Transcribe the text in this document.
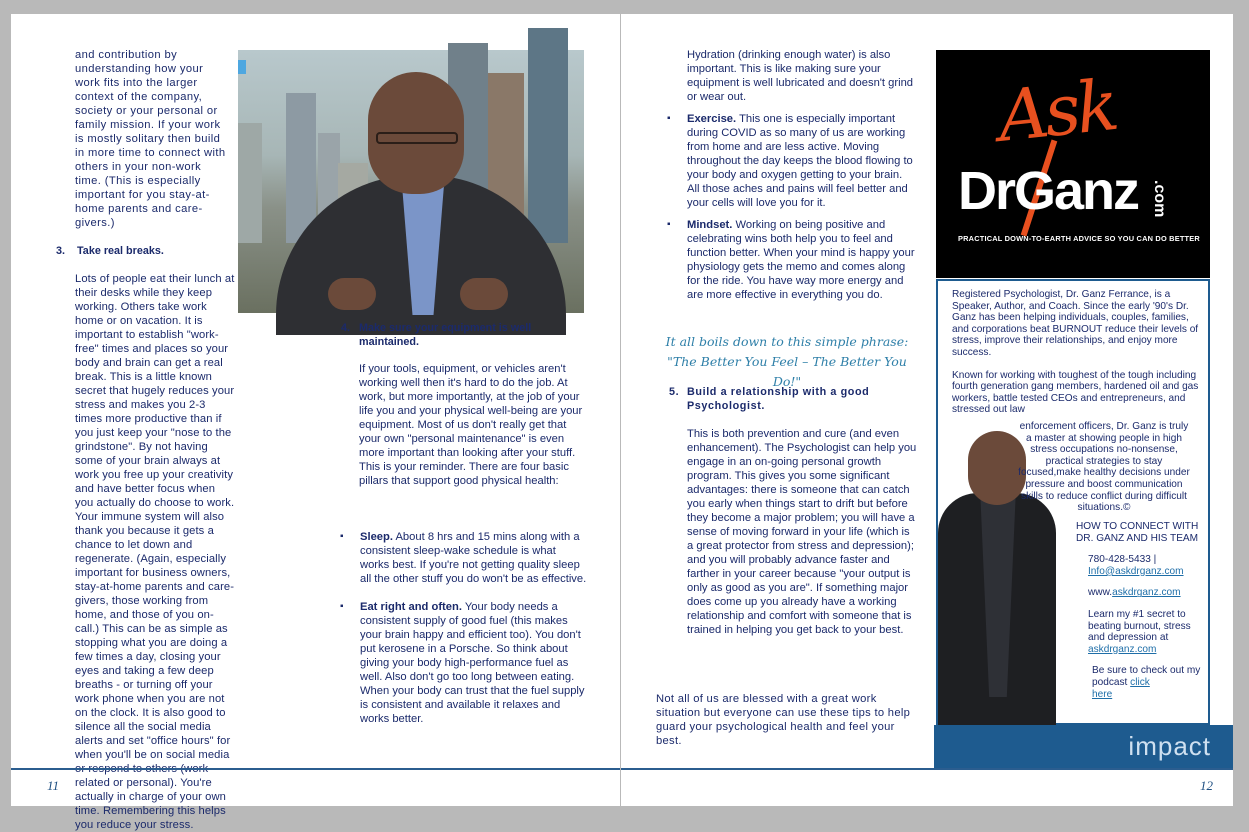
and contribution by understanding how your work fits into the larger context of the company, society or your personal or family mission. If your work is mostly solitary then build in more time to connect with others in your non-work time. (This is especially important for you stay-at-home parents and care-givers.)

3. Take real breaks.

Lots of people eat their lunch at their desks while they keep working. Others take work home or on vacation. It is important to establish "work-free" times and places so your body and brain can get a real break. This is a little known secret that hugely reduces your stress and makes you 2-3 times more productive than if you just keep your "nose to the grindstone". By not having some of your brain always at work you free up your creativity and have better focus when you actually do choose to work. Your immune system will also thank you because it gets a chance to let down and regenerate. (Again, especially important for business owners, stay-at-home parents and care-givers, those working from home, and those of you on-call.) This can be as simple as stopping what you are doing a few times a day, closing your eyes and taking a few deep breaths - or turning off your work phone when you are not on the clock. It is also good to silence all the social media alerts and set "office hours" for when you'll be on social media related or personal). You're actually in charge of your own time. Remembering this helps you reduce your stress.

4. Make sure your equipment is well maintained.

If your tools, equipment, or vehicles aren't working well then it's hard to do the job. At work, but more importantly, at the job of your life you and your physical well-being are your equipment. Most of us don't really get that your own "personal maintenance" is even more important than looking after your stuff. This is your reminder. There are four basic pillars that support good physical health:

▪ Sleep. About 8 hrs and 15 mins along with a consistent sleep-wake schedule is what works best. If you're not getting quality sleep all the other stuff you do won't be as effective.

▪ Eat right and often. Your body needs a consistent supply of good fuel (this makes your brain happy and efficient too). You don't put kerosene in a Porsche. So think about giving your body high-performance fuel as well. Also don't go too long between eating. When your body can trust that the fuel supply is consistent and available it relaxes and works better.

11

Hydration (drinking enough water) is also important. This is like making sure your equipment is well lubricated and doesn't grind or wear out.

▪ Exercise. This one is especially important during COVID as so many of us are working from home and are less active. Moving throughout the day keeps the blood flowing to your body and oxygen getting to your brain. All those aches and pains will feel better and your cells will love you for it.

▪ Mindset. Working on being positive and celebrating wins both help you to feel and function better. When your mind is happy your physiology gets the memo and comes along for the ride. You have way more energy and are more effective in everything you do.

It all boils down to this simple phrase:
"The Better You Feel – The Better You Do!"
5. Build a relationship with a good Psychologist.

This is both prevention and cure (and even enhancement). The Psychologist can help you engage in an on-going personal growth program. This gives you some significant advantages: there is someone that can catch you early when things start to drift but before they become a major problem; you will have a sense of moving forward in your life (which is a great protector from stress and depression); and you will probably advance faster and farther in your career because "your output is only as good as you are". If something major does come up you already have a working relationship and comfort with someone that is trained in helping you get back to your best.

Not all of us are blessed with a great work situation but everyone can use these tips to help guard your psychological health and feel your best.

Ask
DrGanz .com
PRACTICAL DOWN-TO-EARTH ADVICE SO YOU CAN DO BETTER

Registered Psychologist, Dr. Ganz Ferrance, is a Speaker, Author, and Coach. Since the early '90's Dr. Ganz has been helping individuals, couples, families, and corporations beat BURNOUT reduce their levels of stress, improve their relationships, and enjoy more success.

Known for working with toughest of the tough including fourth generation gang members, hardened oil and gas workers, battle tested CEOs and entrepreneurs, and stressed out law

enforcement officers, Dr. Ganz is truly a master at showing people in high stress occupations no-nonsense, practical strategies to stay focused,make healthy decisions under pressure and boost communication skills to reduce conflict during difficult situations.©

HOW TO CONNECT WITH DR. GANZ AND HIS TEAM

780-428-5433 |

Info@askdrganz.com

www.askdrganz.com

Learn my #1 secret to beating burnout, stress and depression at

askdrganz.com

Be sure to check out my podcast click
here

impact
12
